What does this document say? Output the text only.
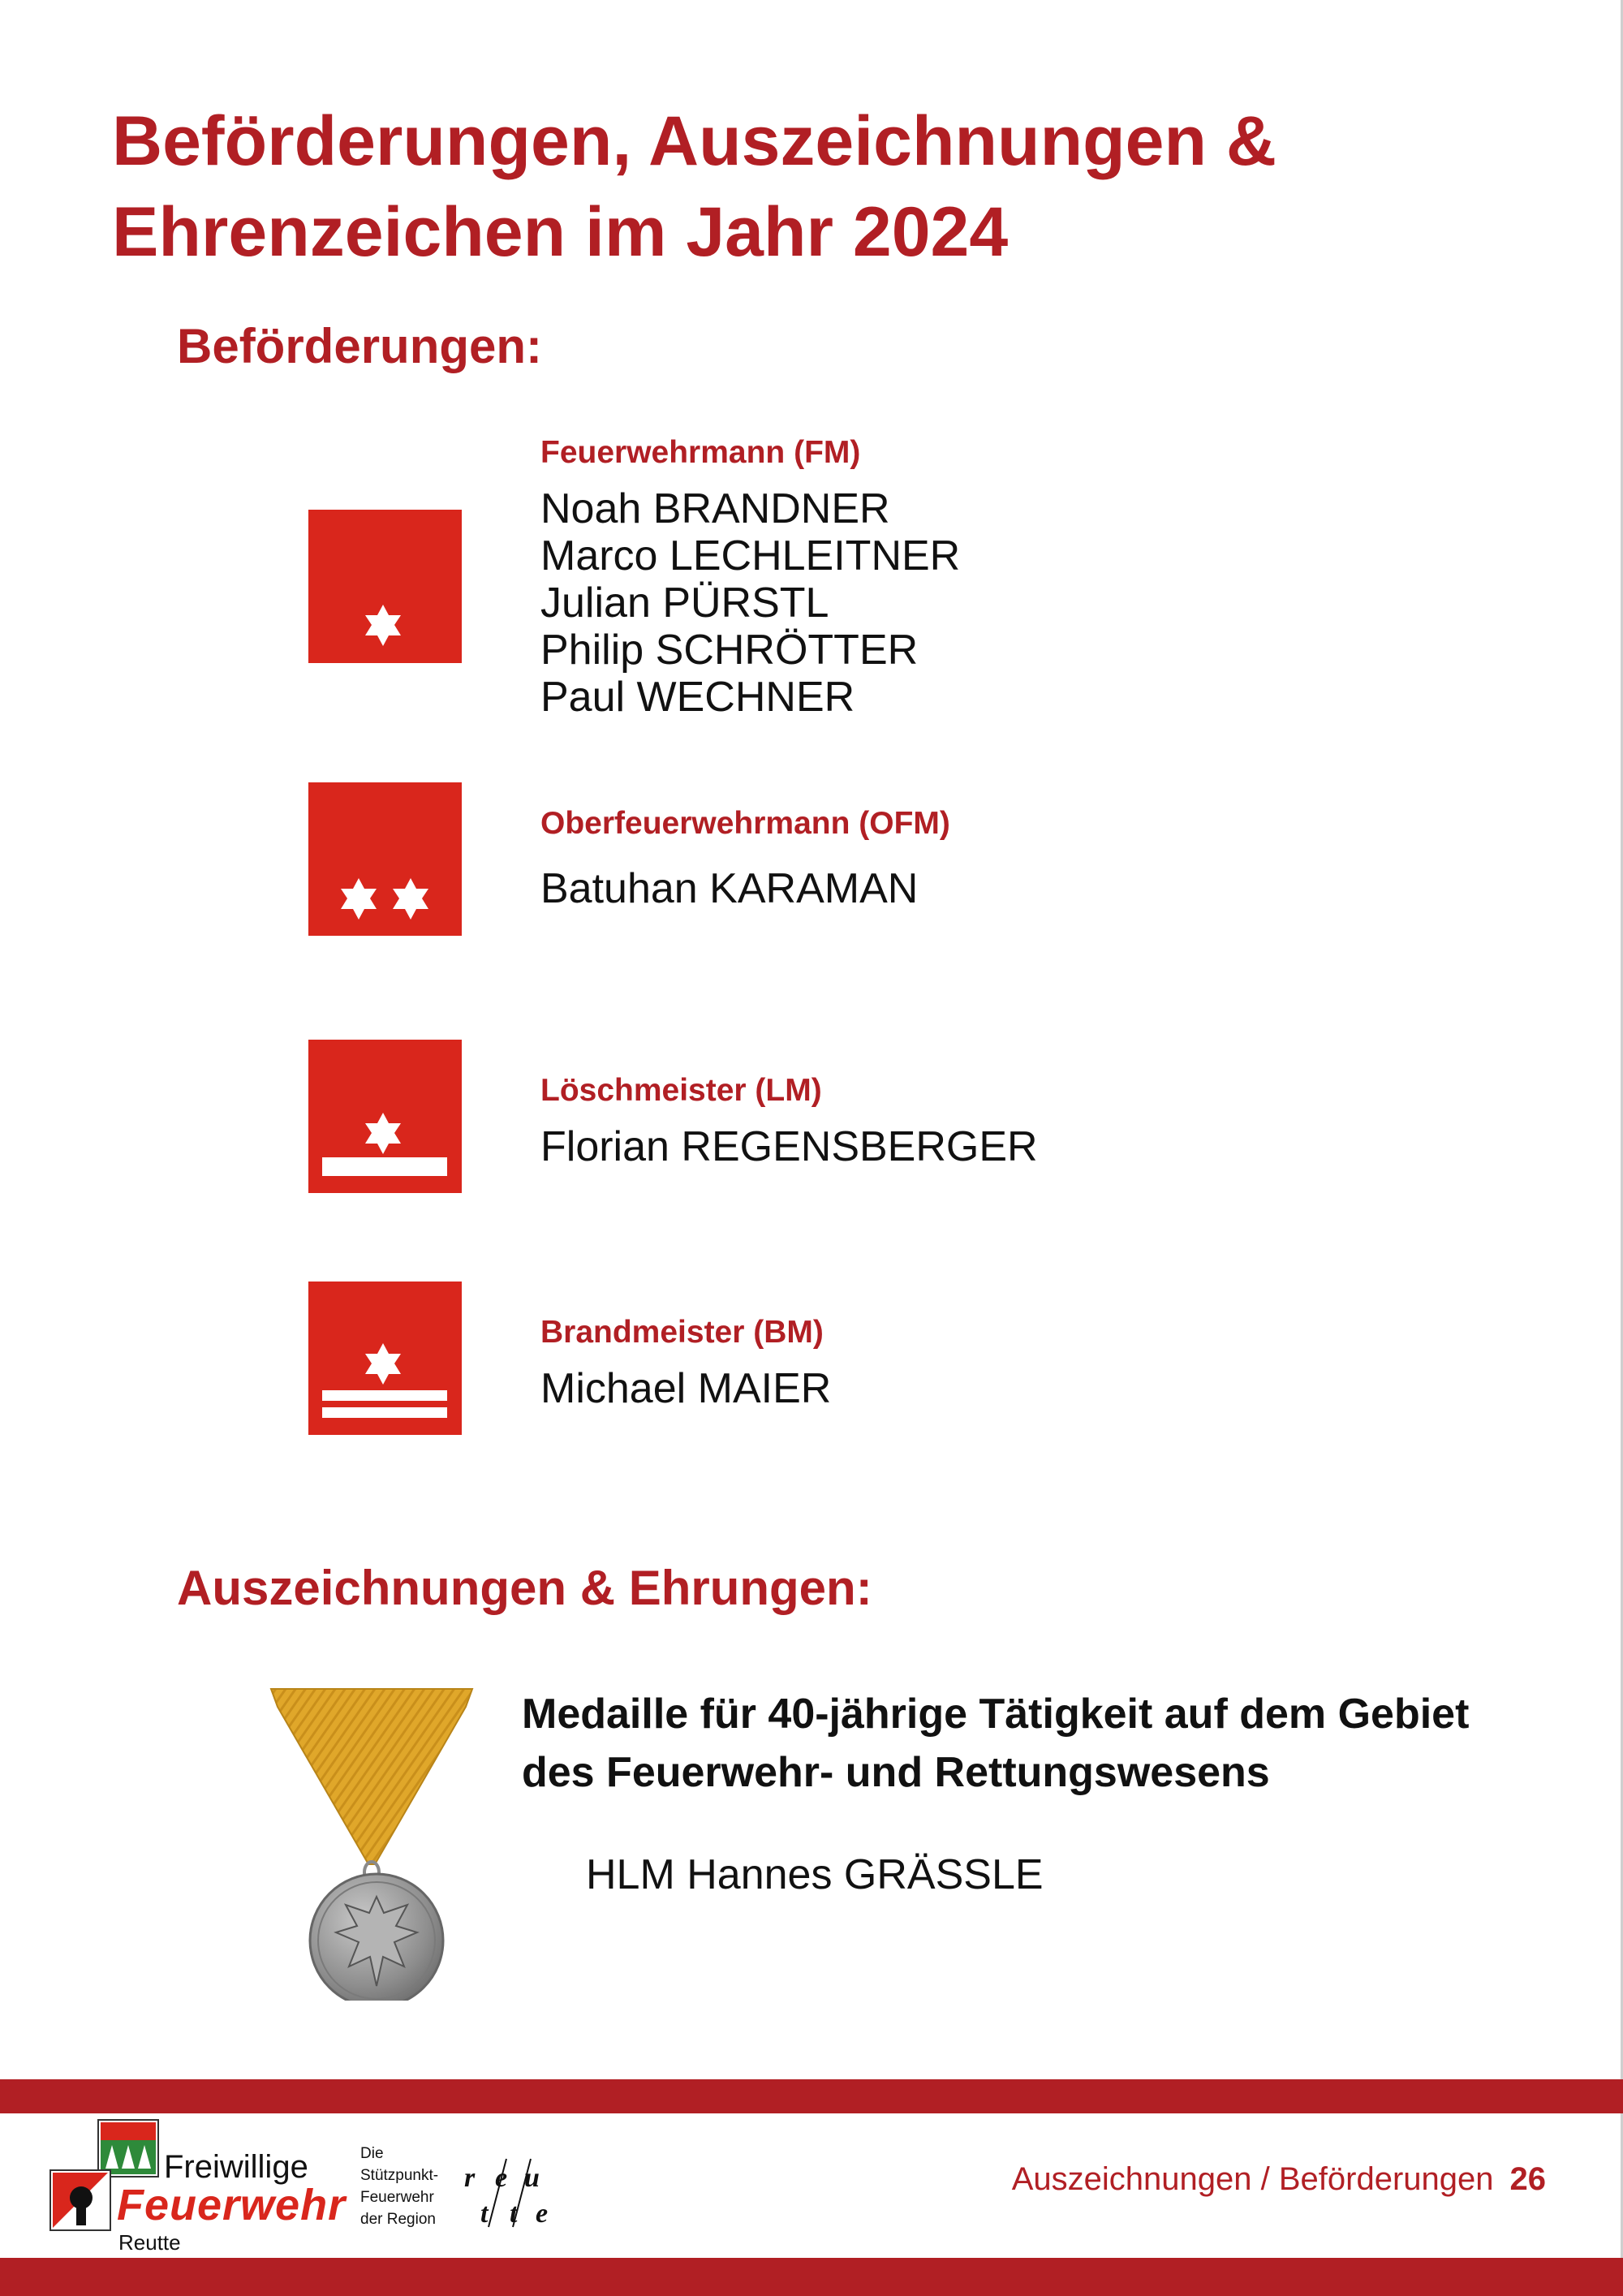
Beförderungen, Auszeichnungen &
Ehrenzeichen im Jahr 2024
Beförderungen:
Feuerwehrmann (FM)
Noah BRANDNER
Marco LECHLEITNER
Julian PÜRSTL
Philip SCHRÖTTER
Paul WECHNER
Oberfeuerwehrmann (OFM)
Batuhan KARAMAN
Löschmeister (LM)
Florian REGENSBERGER
Brandmeister (BM)
Michael MAIER
Auszeichnungen & Ehrungen:
Medaille für 40-jährige Tätigkeit auf dem Gebiet
des Feuerwehr- und Rettungswesens
HLM Hannes GRÄSSLE
Freiwillige
Feuerwehr
Reutte
Die
Stützpunkt-
Feuerwehr
der Region
r e u
t t e
Auszeichnungen / Beförderungen 26
